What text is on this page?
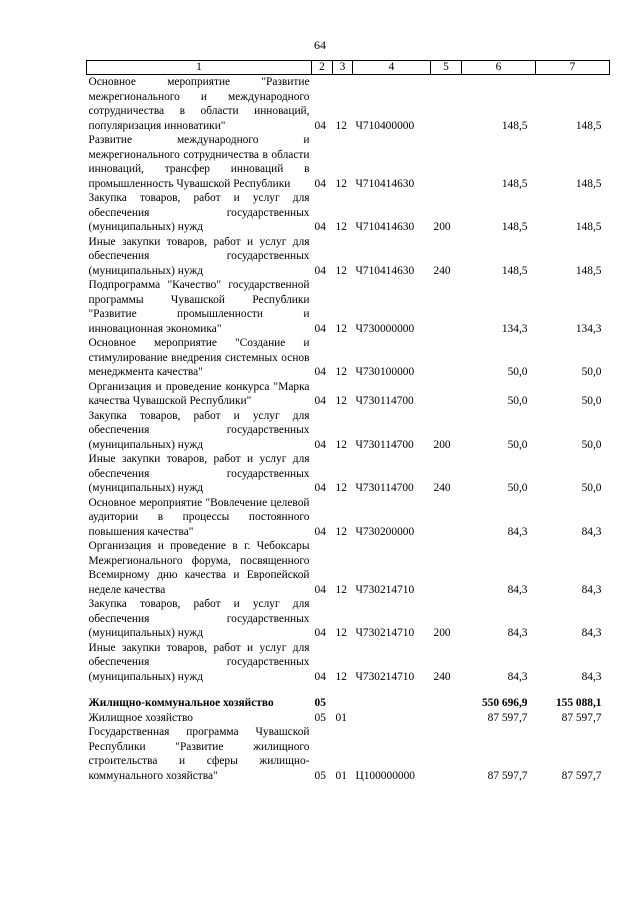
64
1	2	3	4	5	6	7
Основное мероприятие "Развитие межрегионального и международного сотрудничества в области инноваций, популяризация инноватики"	04	12	Ч710400000		148,5	148,5
Развитие международного и межрегионального сотрудничества в области инноваций, трансфер инноваций в промышленность Чувашской Республики	04	12	Ч710414630		148,5	148,5
Закупка товаров, работ и услуг для обеспечения государственных (муниципальных) нужд	04	12	Ч710414630	200	148,5	148,5
Иные закупки товаров, работ и услуг для обеспечения государственных (муниципальных) нужд	04	12	Ч710414630	240	148,5	148,5
Подпрограмма "Качество" государственной программы Чувашской Республики "Развитие промышленности и инновационная экономика"	04	12	Ч730000000		134,3	134,3
Основное мероприятие "Создание и стимулирование внедрения системных основ менеджмента качества"	04	12	Ч730100000		50,0	50,0
Организация и проведение конкурса "Марка качества Чувашской Республики"	04	12	Ч730114700		50,0	50,0
Закупка товаров, работ и услуг для обеспечения государственных (муниципальных) нужд	04	12	Ч730114700	200	50,0	50,0
Иные закупки товаров, работ и услуг для обеспечения государственных (муниципальных) нужд	04	12	Ч730114700	240	50,0	50,0
Основное мероприятие "Вовлечение целевой аудитории в процессы постоянного повышения качества"	04	12	Ч730200000		84,3	84,3
Организация и проведение в г. Чебоксары Межрегионального форума, посвященного Всемирному дню качества и Европейской неделе качества	04	12	Ч730214710		84,3	84,3
Закупка товаров, работ и услуг для обеспечения государственных (муниципальных) нужд	04	12	Ч730214710	200	84,3	84,3
Иные закупки товаров, работ и услуг для обеспечения государственных (муниципальных) нужд	04	12	Ч730214710	240	84,3	84,3

Жилищно-коммунальное хозяйство	05				550 696,9	155 088,1
Жилищное хозяйство	05	01			87 597,7	87 597,7
Государственная программа Чувашской Республики "Развитие жилищного строительства и сферы жилищно-коммунального хозяйства"	05	01	Ц100000000		87 597,7	87 597,7
